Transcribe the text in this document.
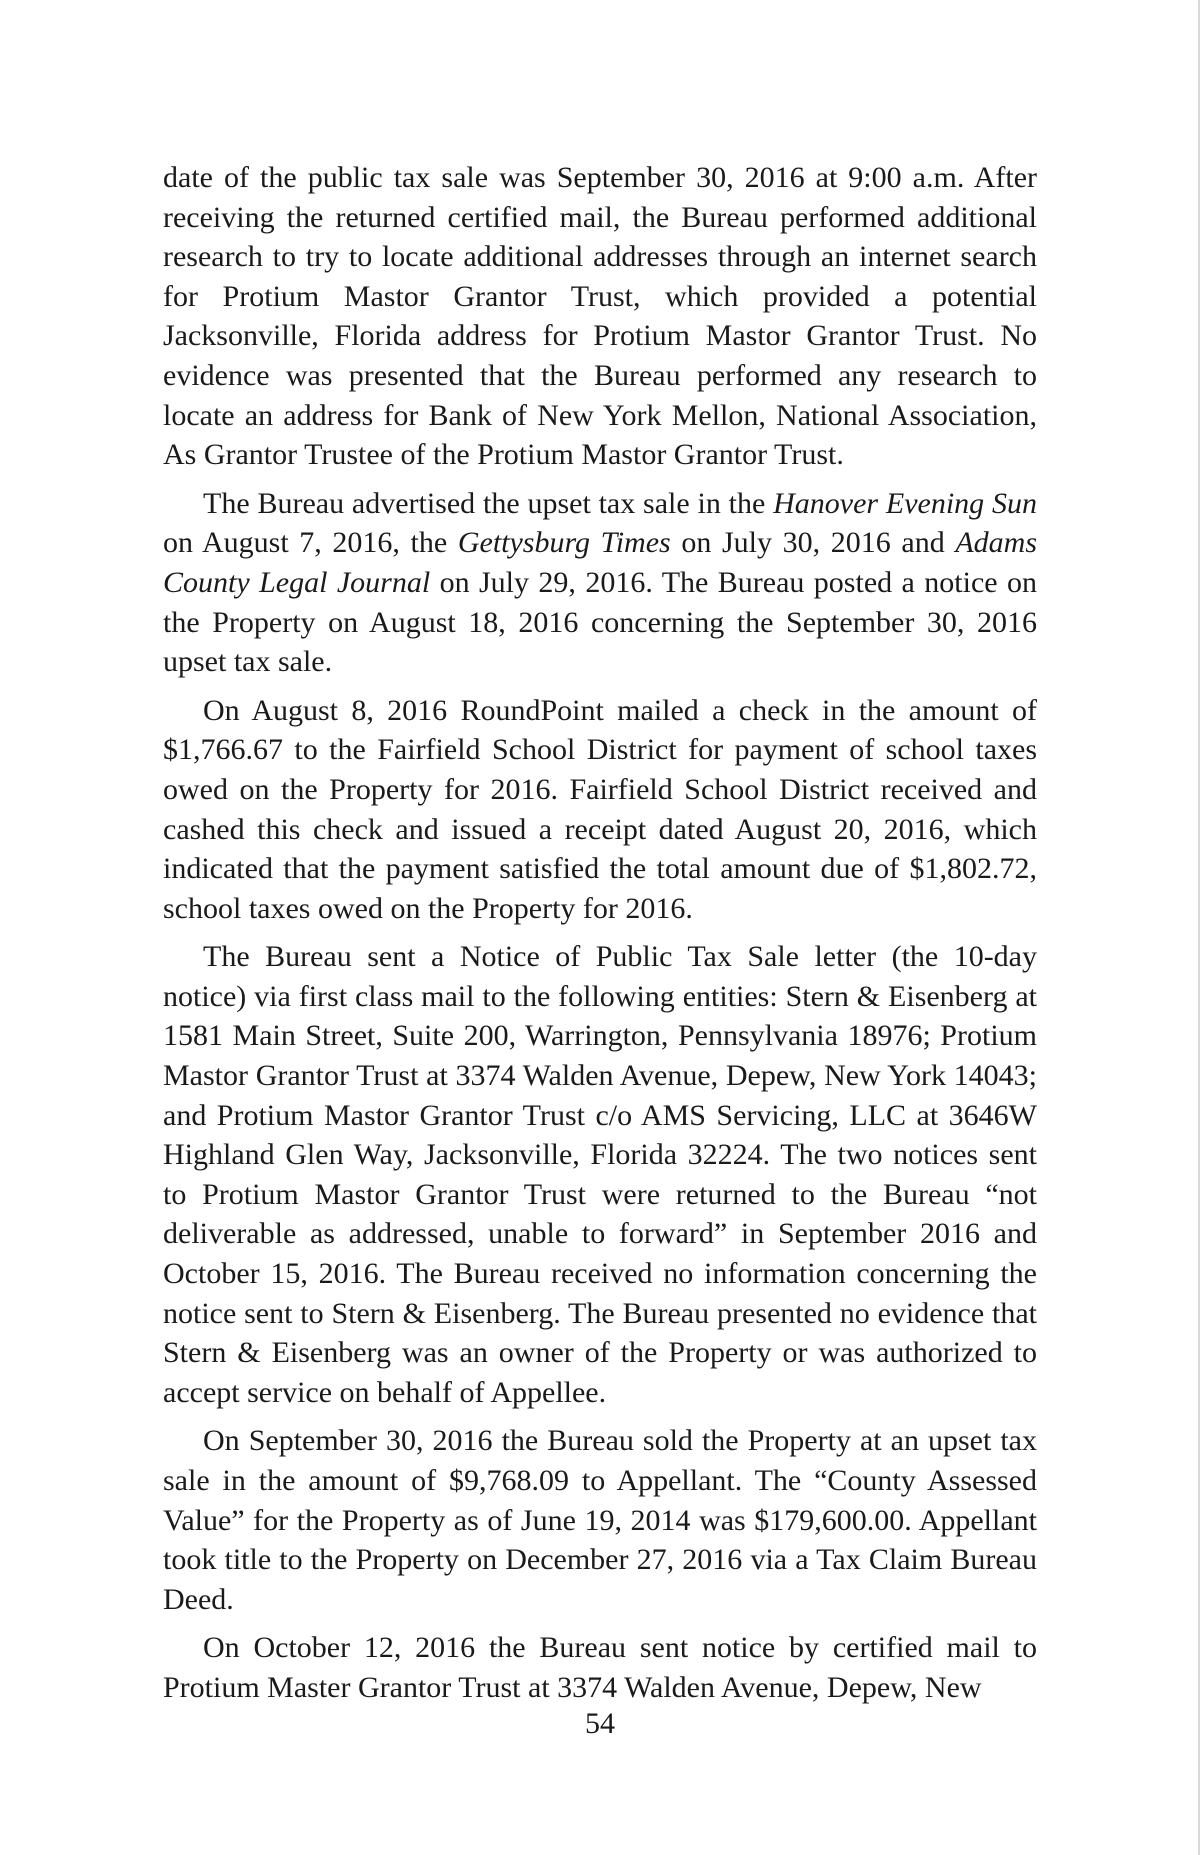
date of the public tax sale was September 30, 2016 at 9:00 a.m. After receiving the returned certified mail, the Bureau performed additional research to try to locate additional addresses through an internet search for Protium Mastor Grantor Trust, which provided a potential Jacksonville, Florida address for Protium Mastor Grantor Trust. No evidence was presented that the Bureau performed any research to locate an address for Bank of New York Mellon, National Association, As Grantor Trustee of the Protium Mastor Grantor Trust.

The Bureau advertised the upset tax sale in the Hanover Evening Sun on August 7, 2016, the Gettysburg Times on July 30, 2016 and Adams County Legal Journal on July 29, 2016. The Bureau posted a notice on the Property on August 18, 2016 concerning the September 30, 2016 upset tax sale.

On August 8, 2016 RoundPoint mailed a check in the amount of $1,766.67 to the Fairfield School District for payment of school taxes owed on the Property for 2016. Fairfield School District received and cashed this check and issued a receipt dated August 20, 2016, which indicated that the payment satisfied the total amount due of $1,802.72, school taxes owed on the Property for 2016.

The Bureau sent a Notice of Public Tax Sale letter (the 10-day notice) via first class mail to the following entities: Stern & Eisenberg at 1581 Main Street, Suite 200, Warrington, Pennsylvania 18976; Protium Mastor Grantor Trust at 3374 Walden Avenue, Depew, New York 14043; and Protium Mastor Grantor Trust c/o AMS Servicing, LLC at 3646W Highland Glen Way, Jacksonville, Florida 32224. The two notices sent to Protium Mastor Grantor Trust were returned to the Bureau “not deliverable as addressed, unable to forward” in September 2016 and October 15, 2016. The Bureau received no information concerning the notice sent to Stern & Eisenberg. The Bureau presented no evidence that Stern & Eisenberg was an owner of the Property or was authorized to accept service on behalf of Appellee.

On September 30, 2016 the Bureau sold the Property at an upset tax sale in the amount of $9,768.09 to Appellant. The “County Assessed Value” for the Property as of June 19, 2014 was $179,600.00. Appellant took title to the Property on December 27, 2016 via a Tax Claim Bureau Deed.

On October 12, 2016 the Bureau sent notice by certified mail to Protium Master Grantor Trust at 3374 Walden Avenue, Depew, New

54
